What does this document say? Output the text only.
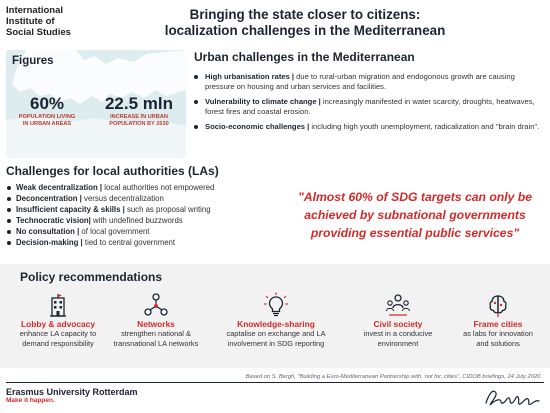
International
Institute of
Social Studies
Bringing the state closer to citizens:
localization challenges in the Mediterranean
Figures
60%
POPULATION LIVING
IN URBAN AREAS
22.5 mln
INCREASE IN URBAN
POPULATION BY 2030
Urban challenges in the Mediterranean
High urbanisation rates | due to rural-urban migration and endogonous growth are causing pressure on housing and urban services and facilities.
Vulnerability to climate change | increasingly manifested in water scarcity, droughts, heatwaves, forest fires and coastal erosion.
Socio-economic challenges | including high youth unemployment, radicalization and "brain drain".
Challenges for local authorities (LAs)
Weak decentralization | local authorities not empowered
Deconcentration | versus decentralization
Insufficient capacity & skills | such as proposal writing
Technocratic vision| with undefined buzzwords
No consultation | of local government
Decision-making | tied to central government
"Almost 60% of SDG targets can only be achieved by subnational governments providing essential public services"
Policy recommendations
Lobby & advocacy
enhance LA capacity to
demand responsibility
Networks
strengthen national &
transnational LA networks
Knowledge-sharing
captalise on exchange and LA
involvement in SDG reporting
Civil society
invest in a conducive
environment
Frame cities
as labs for innovation
and solutions
Based on S. Bergh, "Building a Euro-Mediterranean Partnership with, not for, cities", CIDOB briefings, 24 July 2020.
Erasmus University Rotterdam
Make it happen.
